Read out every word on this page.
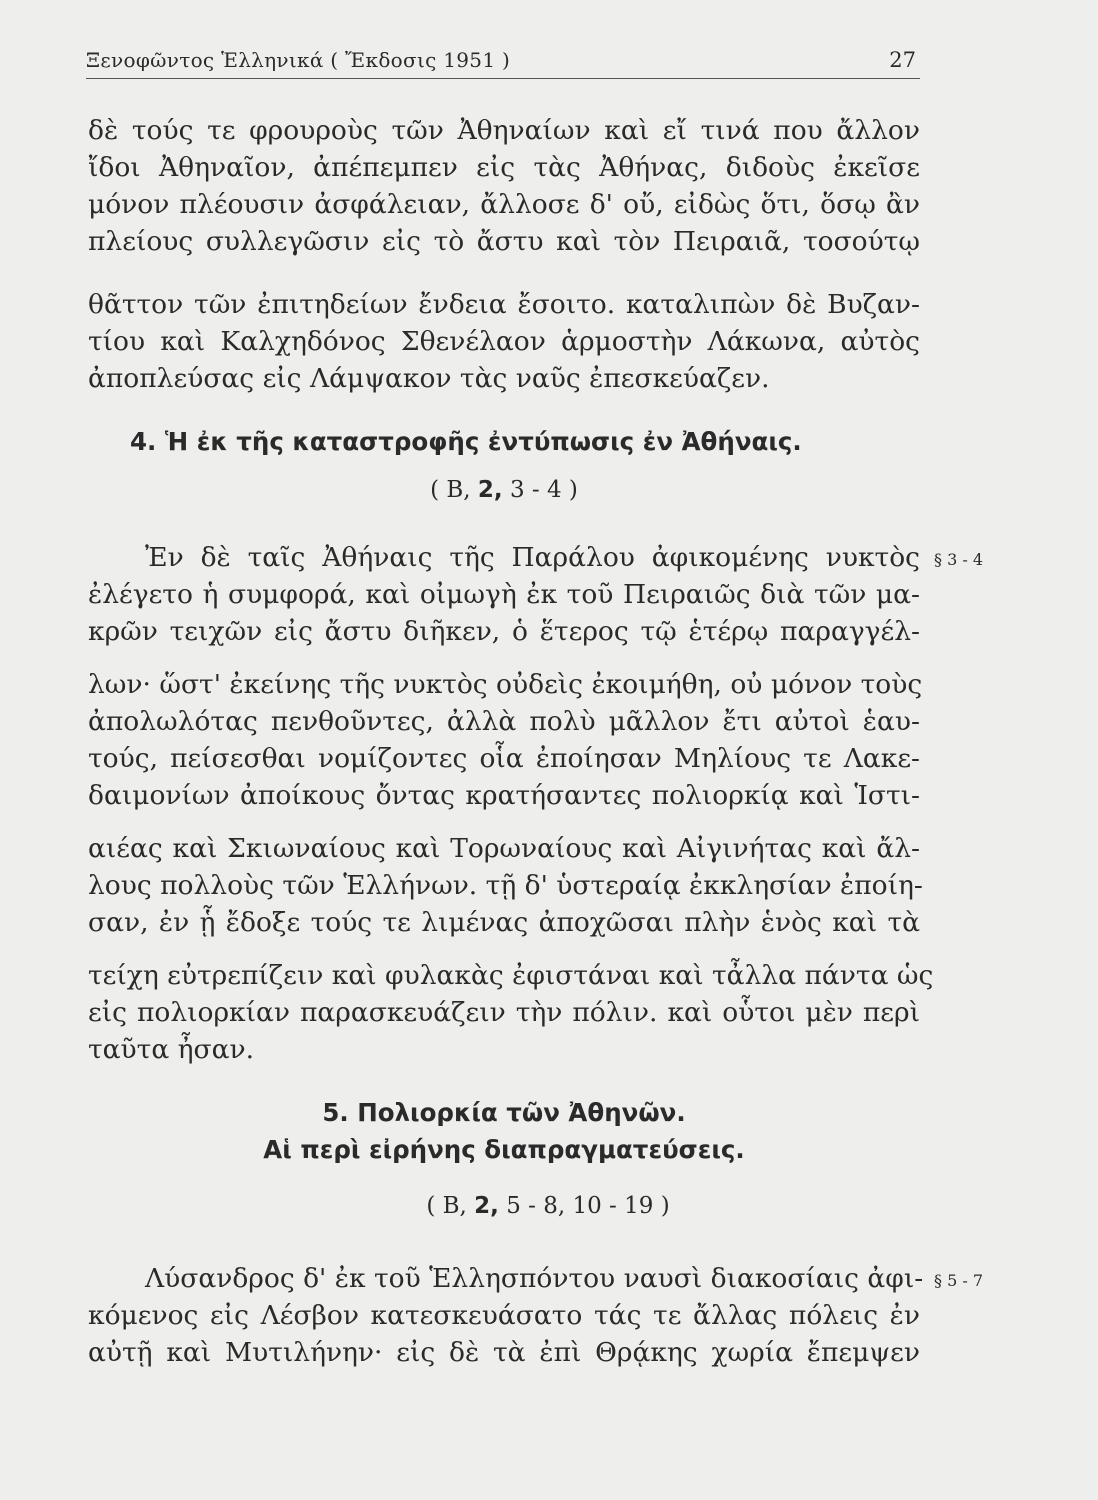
Ξενοφῶντος Ἑλληνικά ( Ἔκδοσις 1951 )	27
δὲ τούς τε φρουροὺς τῶν Ἀθηναίων καὶ εἴ τινά που ἄλλον
ἴδοι Ἀθηναῖον, ἀπέπεμπεν εἰς τὰς Ἀθήνας, διδοὺς ἐκεῖσε
μόνον πλέουσιν ἀσφάλειαν, ἄλλοσε δ' οὔ, εἰδὼς ὅτι, ὅσῳ ἂν
πλείους συλλεγῶσιν εἰς τὸ ἄστυ καὶ τὸν Πειραιᾶ, τοσούτῳ
θᾶττον τῶν ἐπιτηδείων ἔνδεια ἔσοιτο. καταλιπὼν δὲ Βυζαν-
τίου καὶ Καλχηδόνος Σθενέλαον ἁρμοστὴν Λάκωνα, αὐτὸς
ἀποπλεύσας εἰς Λάμψακον τὰς ναῦς ἐπεσκεύαζεν.
4. Ἡ ἐκ τῆς καταστροφῆς ἐντύπωσις ἐν Ἀθήναις.
( Β, 2, 3 - 4 )
Ἐν δὲ ταῖς Ἀθήναις τῆς Παράλου ἀφικομένης νυκτὸς § 3 - 4
ἐλέγετο ἡ συμφορά, καὶ οἰμωγὴ ἐκ τοῦ Πειραιῶς διὰ τῶν μα-
κρῶν τειχῶν εἰς ἄστυ διῆκεν, ὁ ἕτερος τῷ ἑτέρῳ παραγγέλ-
λων· ὥστ' ἐκείνης τῆς νυκτὸς οὐδεὶς ἐκοιμήθη, οὐ μόνον τοὺς
ἀπολωλότας πενθοῦντες, ἀλλὰ πολὺ μᾶλλον ἔτι αὐτοὶ ἑαυ-
τούς, πείσεσθαι νομίζοντες οἷα ἐποίησαν Μηλίους τε Λακε-
δαιμονίων ἀποίκους ὄντας κρατήσαντες πολιορκίᾳ καὶ Ἱστι-
αιέας καὶ Σκιωναίους καὶ Τορωναίους καὶ Αἰγινήτας καὶ ἄλ-
λους πολλοὺς τῶν Ἑλλήνων. τῇ δ' ὑστεραίᾳ ἐκκλησίαν ἐποίη-
σαν, ἐν ᾗ ἔδοξε τούς τε λιμένας ἀποχῶσαι πλὴν ἑνὸς καὶ τὰ
τείχη εὐτρεπίζειν καὶ φυλακὰς ἐφιστάναι καὶ τἆλλα πάντα ὡς
εἰς πολιορκίαν παρασκευάζειν τὴν πόλιν. καὶ οὗτοι μὲν περὶ
ταῦτα ἦσαν.
5. Πολιορκία τῶν Ἀθηνῶν.
Αἱ περὶ εἰρήνης διαπραγματεύσεις.
( Β, 2, 5 - 8, 10 - 19 )
Λύσανδρος δ' ἐκ τοῦ Ἑλλησπόντου ναυσὶ διακοσίαις ἀφι- § 5 - 7
κόμενος εἰς Λέσβον κατεσκευάσατο τάς τε ἄλλας πόλεις ἐν
αὐτῇ καὶ Μυτιλήνην· εἰς δὲ τὰ ἐπὶ Θρᾴκης χωρία ἔπεμψεν
